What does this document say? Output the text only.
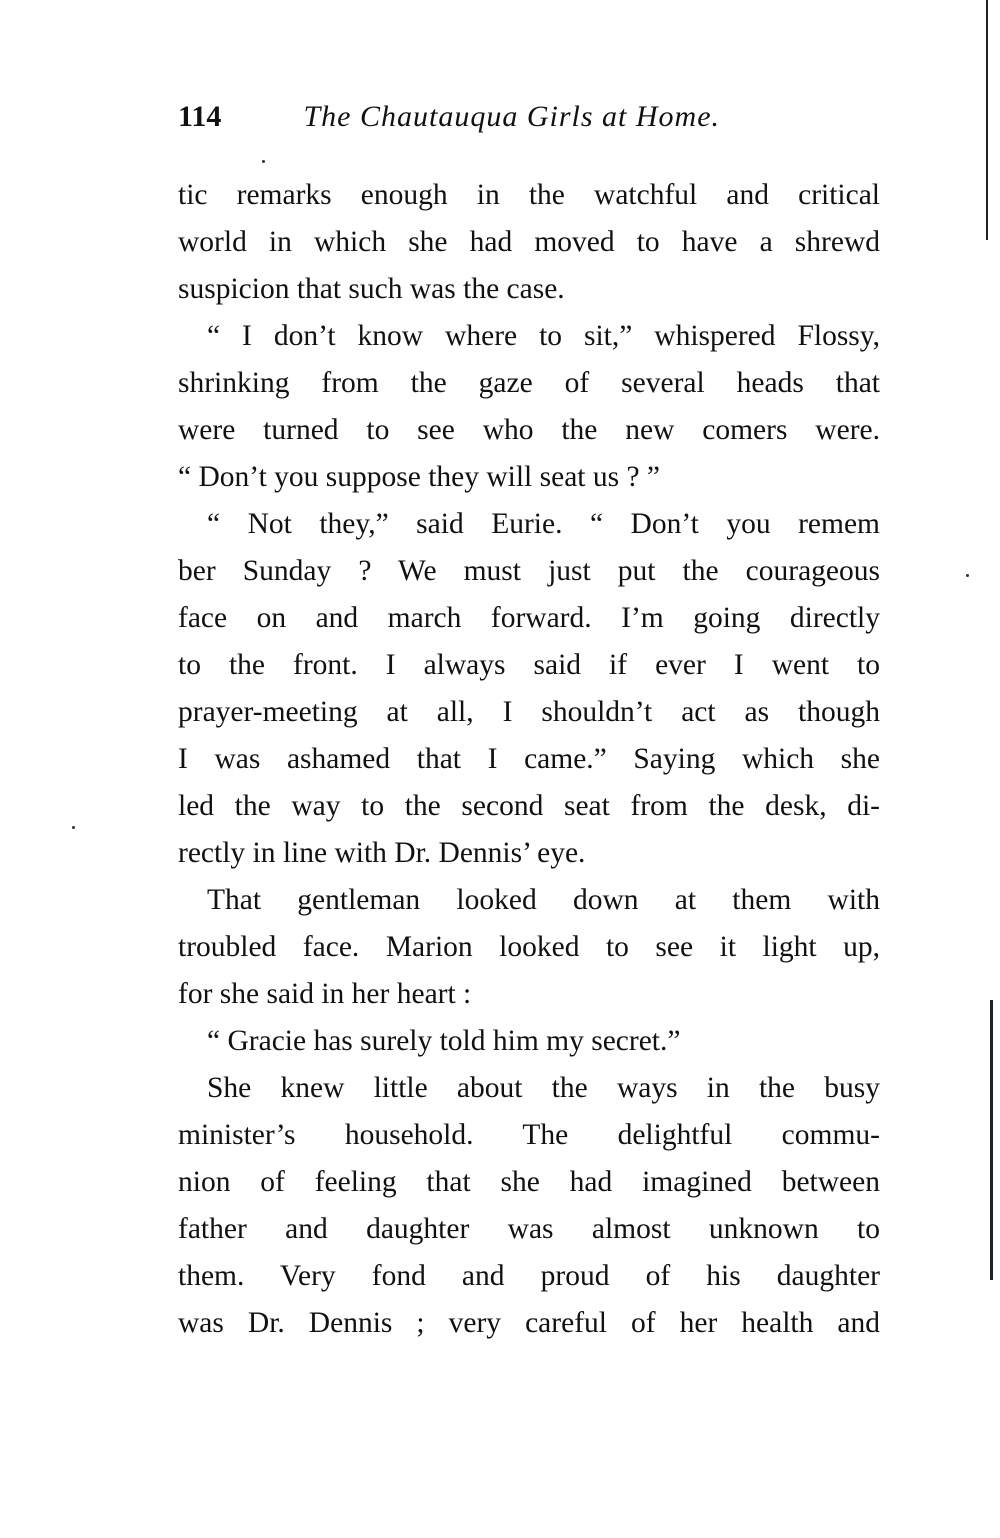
114	The Chautauqua Girls at Home.
tic remarks enough in the watchful and critical
world in which she had moved to have a shrewd
suspicion that such was the case.
“ I don’t know where to sit,” whispered Flossy,
shrinking from the gaze of several heads that
were turned to see who the new comers were.
“ Don’t you suppose they will seat us ? ”
“ Not they,” said Eurie. “ Don’t you remem
ber Sunday ? We must just put the courageous
face on and march forward. I’m going directly
to the front. I always said if ever I went to
prayer-meeting at all, I shouldn’t act as though
I was ashamed that I came.” Saying which she
led the way to the second seat from the desk, di-
rectly in line with Dr. Dennis’ eye.
That gentleman looked down at them with
troubled face. Marion looked to see it light up,
for she said in her heart :
“ Gracie has surely told him my secret.”
She knew little about the ways in the busy
minister’s household. The delightful commu-
nion of feeling that she had imagined between
father and daughter was almost unknown to
them. Very fond and proud of his daughter
was Dr. Dennis ; very careful of her health and
